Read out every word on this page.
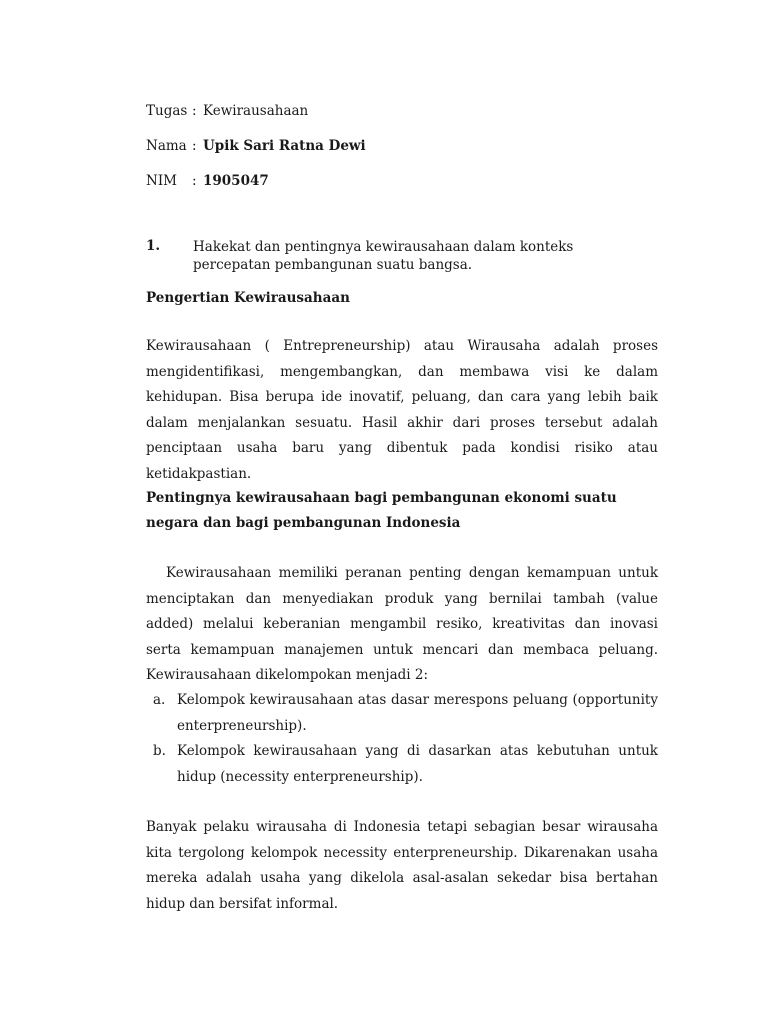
Tugas : Kewirausahaan
Nama : Upik Sari Ratna Dewi
NIM : 1905047
1. Hakekat dan pentingnya kewirausahaan dalam konteks percepatan pembangunan suatu bangsa.
Pengertian Kewirausahaan

Kewirausahaan ( Entrepreneurship) atau Wirausaha adalah proses mengidentifikasi, mengembangkan, dan membawa visi ke dalam kehidupan. Bisa berupa ide inovatif, peluang, dan cara yang lebih baik dalam menjalankan sesuatu. Hasil akhir dari proses tersebut adalah penciptaan usaha baru yang dibentuk pada kondisi risiko atau ketidakpastian.

Pentingnya kewirausahaan bagi pembangunan ekonomi suatu negara dan bagi pembangunan Indonesia

Kewirausahaan memiliki peranan penting dengan kemampuan untuk menciptakan dan menyediakan produk yang bernilai tambah (value added) melalui keberanian mengambil resiko, kreativitas dan inovasi serta kemampuan manajemen untuk mencari dan membaca peluang. Kewirausahaan dikelompokan menjadi 2:

a. Kelompok kewirausahaan atas dasar merespons peluang (opportunity enterpreneurship).
b. Kelompok kewirausahaan yang di dasarkan atas kebutuhan untuk hidup (necessity enterpreneurship).

Banyak pelaku wirausaha di Indonesia tetapi sebagian besar wirausaha kita tergolong kelompok necessity enterpreneurship. Dikarenakan usaha mereka adalah usaha yang dikelola asal-asalan sekedar bisa bertahan hidup dan bersifat informal.
